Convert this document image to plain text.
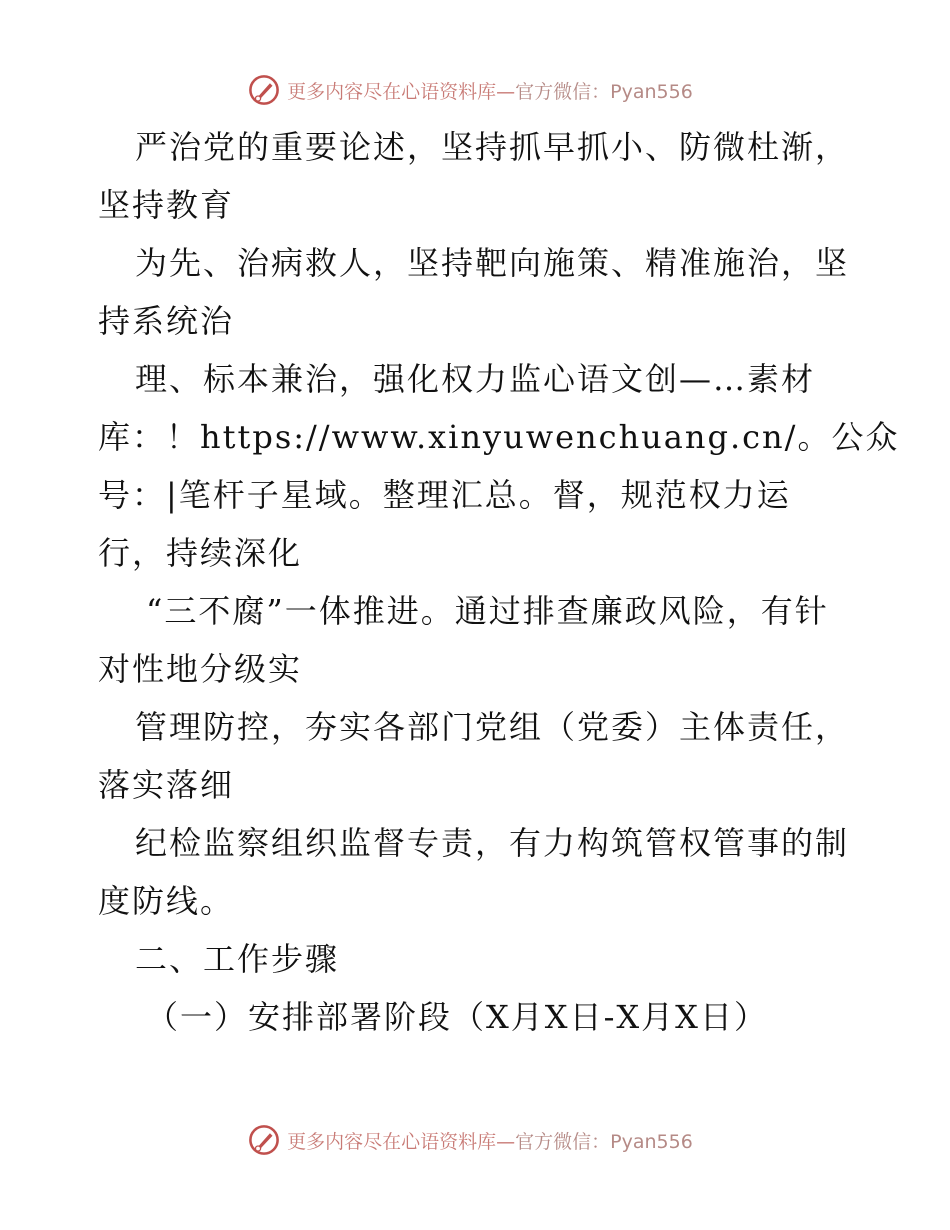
更多内容尽在心语资料库—官方微信：Pyan556
严治党的重要论述，坚持抓早抓小、防微杜渐，
坚持教育
为先、治病救人，坚持靶向施策、精准施治，坚
持系统治
理、标本兼治，强化权力监心语文创—…素材
库：！https://www.xinyuwenchuang.cn/。公众
号：|笔杆子星域。整理汇总。督，规范权力运
行，持续深化
“三不腐”一体推进。通过排查廉政风险，有针
对性地分级实
管理防控，夯实各部门党组（党委）主体责任，
落实落细
纪检监察组织监督专责，有力构筑管权管事的制
度防线。
二、工作步骤
（一）安排部署阶段（X月X日-X月X日）
更多内容尽在心语资料库—官方微信：Pyan556
